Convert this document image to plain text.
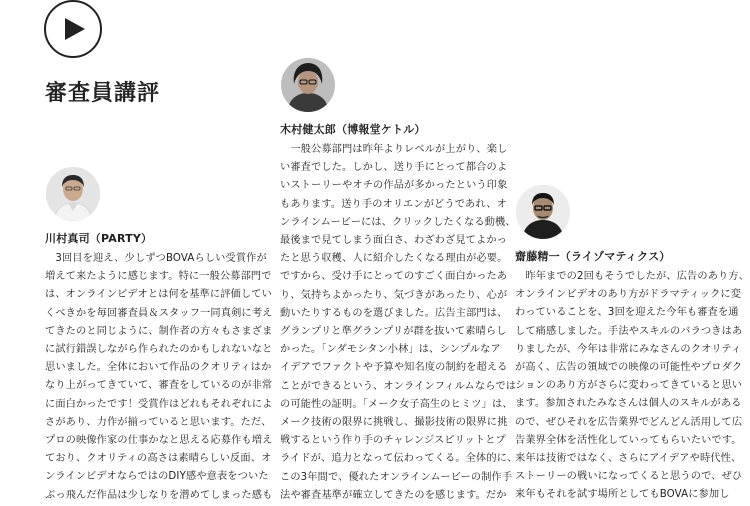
審査員講評
川村真司（PARTY）
　3回目を迎え、少しずつBOVAらしい受賞作が
増えて来たように感じます。特に一般公募部門で
は、オンラインビデオとは何を基準に評価してい
くべきかを毎回審査員＆スタッフ一同真剣に考え
てきたのと同じように、制作者の方々もさまざま
に試行錯誤しながら作られたのかもしれないなと
思いました。全体において作品のクオリティはか
なり上がってきていて、審査をしているのが非常
に面白かったです！受賞作はどれもそれぞれによ
さがあり、力作が揃っていると思います。ただ、
プロの映像作家の仕事かなと思える応募作も増え
ており、クオリティの高さは素晴らしい反面、オ
ンラインビデオならではのDIY感や意表をついた
ぶっ飛んだ作品は少しなりを潜めてしまった感も
木村健太郎（博報堂ケトル）
　一般公募部門は昨年よりレベルが上がり、楽し
い審査でした。しかし、送り手にとって都合のよ
いストーリーやオチの作品が多かったという印象
もあります。送り手のオリエンがどうであれ、オ
ンラインムービーには、クリックしたくなる動機、
最後まで見てしまう面白さ、わざわざ見てよかっ
たと思う収穫、人に紹介したくなる理由が必要。
ですから、受け手にとってのすごく面白かったあ
り、気持ちよかったり、気づきがあったり、心が
動いたりするものを選びました。広告主部門は、
グランプリと準グランプリが群を抜いて素晴らし
かった。「ンダモシタン小林」は、シンプルなア
イデアでファクトや予算や知名度の制約を超える
ことができるという、オンラインフィルムならでは
の可能性の証明。「メーク女子高生のヒミツ」は、
メーク技術の限界に挑戦し、撮影技術の限界に挑
戦するという作り手のチャレンジスピリットとプ
ライドが、追力となって伝わってくる。全体的に、
この3年間で、優れたオンラインムービーの制作手
法や審査基準が確立してきたのを感じます。だか
齋藤精一（ライゾマティクス）
　昨年までの2回もそうでしたが、広告のあり方、
オンラインビデオのあり方がドラマティックに変
わっていることを、3回を迎えた今年も審査を通
して痛感しました。手法やスキルのバラつきはあ
りましたが、今年は非常にみなさんのクオリティ
が高く、広告の領域での映像の可能性やプロダク
ションのあり方がさらに変わってきていると思い
ます。参加されたみなさんは個人のスキルがある
ので、ぜひそれを広告業界でどんどん活用して広
告業界全体を活性化していってもらいたいです。
来年は技術ではなく、さらにアイデアや時代性、
ストーリーの戦いになってくると思うので、ぜひ
来年もそれを試す場所としてもBOVAに参加し
